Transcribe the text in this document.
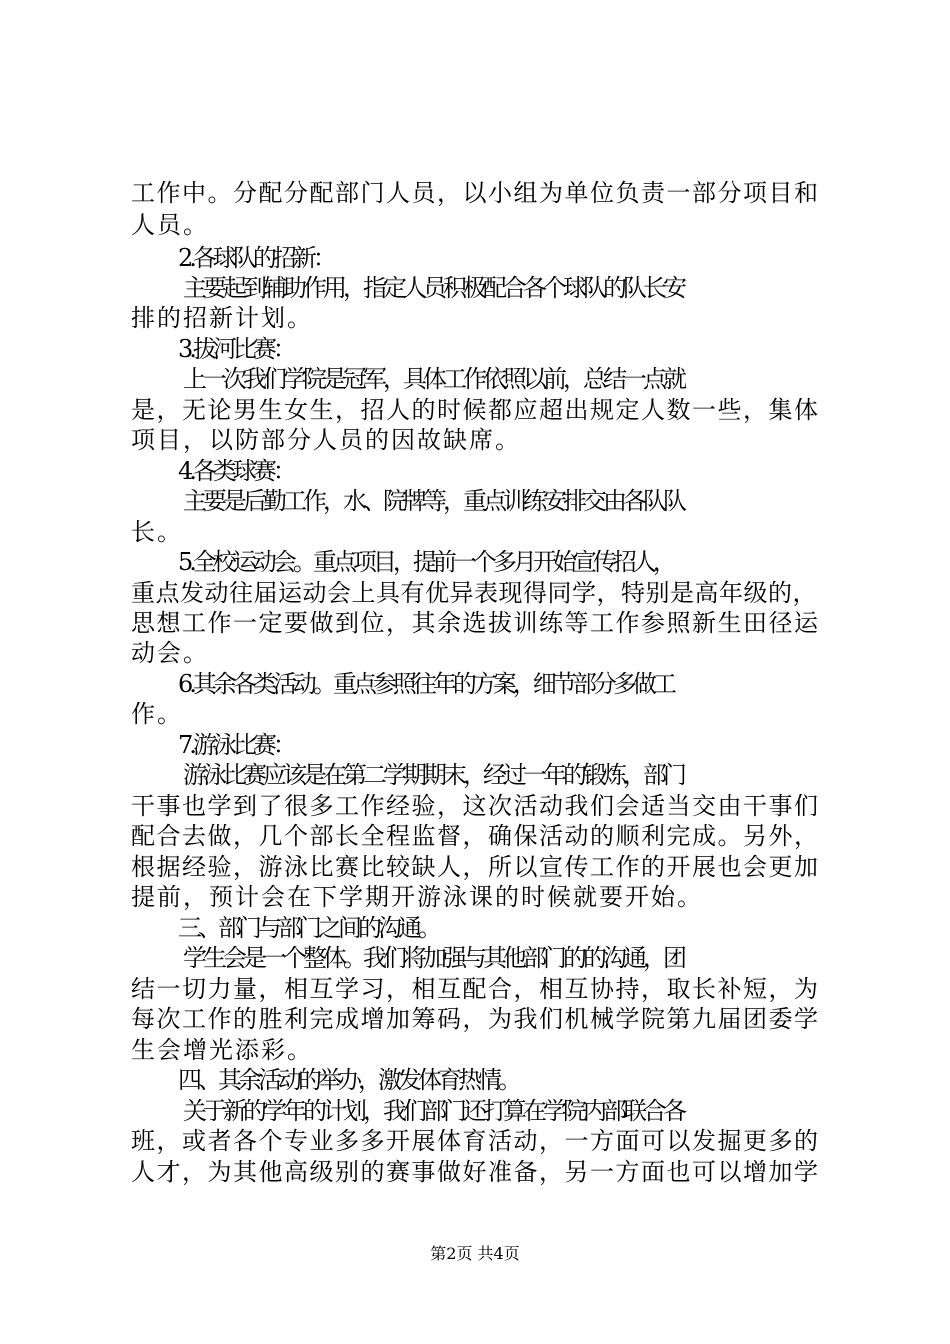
工作中。分配分配部门人员，以小组为单位负责一部分项目和
人员。
2.各球队的招新：
主要起到辅助作用，指定人员积极配合各个球队的队长安
排的招新计划。
3.拔河比赛：
上一次我们学院是冠军，具体工作依照以前，总结一点就
是，无论男生女生，招人的时候都应超出规定人数一些，集体
项目，以防部分人员的因故缺席。
4.各类球赛：
主要是后勤工作，水、院牌等，重点训练安排交由各队队
长。
5.全校运动会。重点项目，提前一个多月开始宣传招人，
重点发动往届运动会上具有优异表现得同学，特别是高年级的，
思想工作一定要做到位，其余选拔训练等工作参照新生田径运
动会。
6.其余各类活动。重点参照往年的方案，细节部分多做工
作。
7.游泳比赛：
游泳比赛应该是在第二学期期末，经过一年的锻炼，部门
干事也学到了很多工作经验，这次活动我们会适当交由干事们
配合去做，几个部长全程监督，确保活动的顺利完成。另外，
根据经验，游泳比赛比较缺人，所以宣传工作的开展也会更加
提前，预计会在下学期开游泳课的时候就要开始。
三、部门与部门之间的沟通。
学生会是一个整体。我们将加强与其他部门的的沟通，团
结一切力量，相互学习，相互配合，相互协持，取长补短，为
每次工作的胜利完成增加筹码，为我们机械学院第九届团委学
生会增光添彩。
四、其余活动的举办，激发体育热情。
关于新的学年的计划，我们部门还打算在学院内部联合各
班，或者各个专业多多开展体育活动，一方面可以发掘更多的
人才，为其他高级别的赛事做好准备，另一方面也可以增加学
第2页 共4页
